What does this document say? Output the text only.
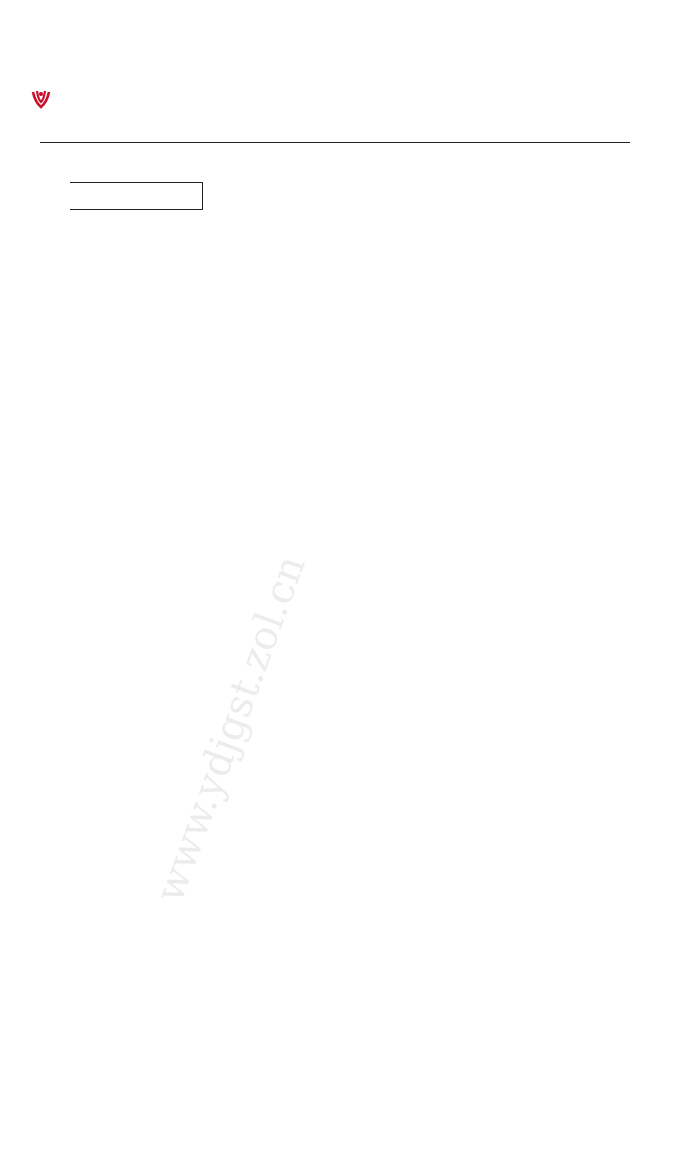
www.ydjgst.zol.cn
